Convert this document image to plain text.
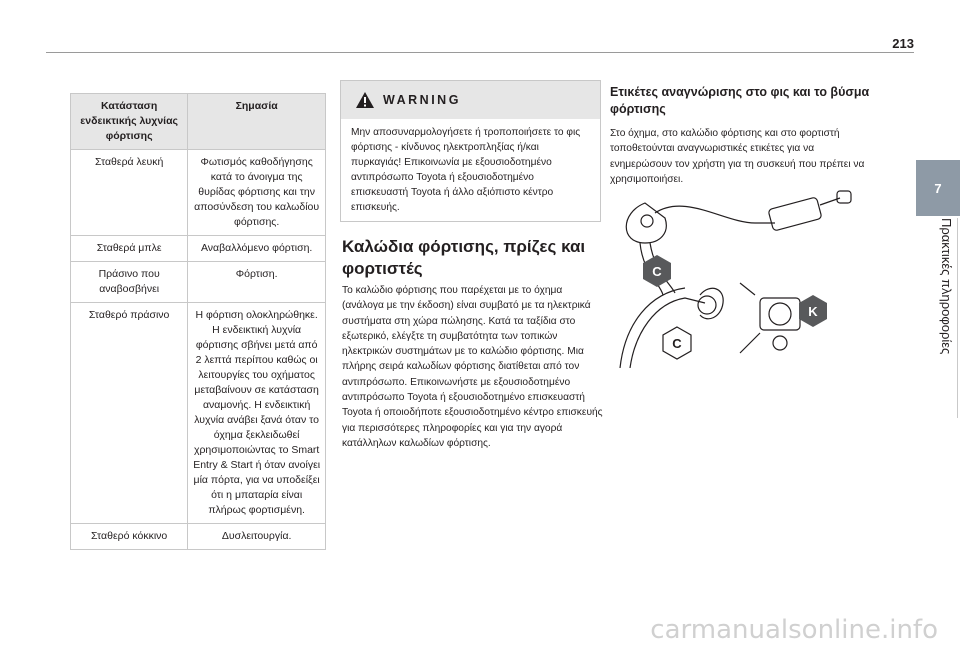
213
7
Πρακτικές πληροφορίες
Κατάσταση ενδεικτικής λυχνίας φόρτισης	Σημασία
Σταθερά λευκή	Φωτισμός καθοδήγησης κατά το άνοιγμα της θυρίδας φόρτισης και την αποσύνδεση του καλωδίου φόρτισης.
Σταθερά μπλε	Αναβαλλόμενο φόρτιση.
Πράσινο που αναβοσβήνει	Φόρτιση.
Σταθερό πράσινο	Η φόρτιση ολοκληρώθηκε. Η ενδεικτική λυχνία φόρτισης σβήνει μετά από 2 λεπτά περίπου καθώς οι λειτουργίες του οχήματος μεταβαίνουν σε κατάσταση αναμονής. Η ενδεικτική λυχνία ανάβει ξανά όταν το όχημα ξεκλειδωθεί χρησιμοποιώντας το Smart Entry & Start ή όταν ανοίγει μία πόρτα, για να υποδείξει ότι η μπαταρία είναι πλήρως φορτισμένη.
Σταθερό κόκκινο	Δυσλειτουργία.
WARNING
Μην αποσυναρμολογήσετε ή τροποποιήσετε το φις φόρτισης - κίνδυνος ηλεκτροπληξίας ή/και πυρκαγιάς! Επικοινωνία με εξουσιοδοτημένο αντιπρόσωπο Toyota ή εξουσιοδοτημένο επισκευαστή Toyota ή άλλο αξιόπιστο κέντρο επισκευής.
Καλώδια φόρτισης, πρίζες και φορτιστές
Το καλώδιο φόρτισης που παρέχεται με το όχημα (ανάλογα με την έκδοση) είναι συμβατό με τα ηλεκτρικά συστήματα στη χώρα πώλησης. Κατά τα ταξίδια στο εξωτερικό, ελέγξτε τη συμβατότητα των τοπικών ηλεκτρικών συστημάτων με το καλώδιο φόρτισης. Μια πλήρης σειρά καλωδίων φόρτισης διατίθεται από τον αντιπρόσωπο. Επικοινωνήστε με εξουσιοδοτημένο αντιπρόσωπο Toyota ή εξουσιοδοτημένο επισκευαστή Toyota ή οποιοδήποτε εξουσιοδοτημένο κέντρο επισκευής για περισσότερες πληροφορίες και για την αγορά κατάλληλων καλωδίων φόρτισης.
Ετικέτες αναγνώρισης στο φις και το βύσμα φόρτισης
Στο όχημα, στο καλώδιο φόρτισης και στο φορτιστή τοποθετούνται αναγνωριστικές ετικέτες για να ενημερώσουν τον χρήστη για τη συσκευή που πρέπει να χρησιμοποιήσει.
C
C
K
carmanualsonline.info
